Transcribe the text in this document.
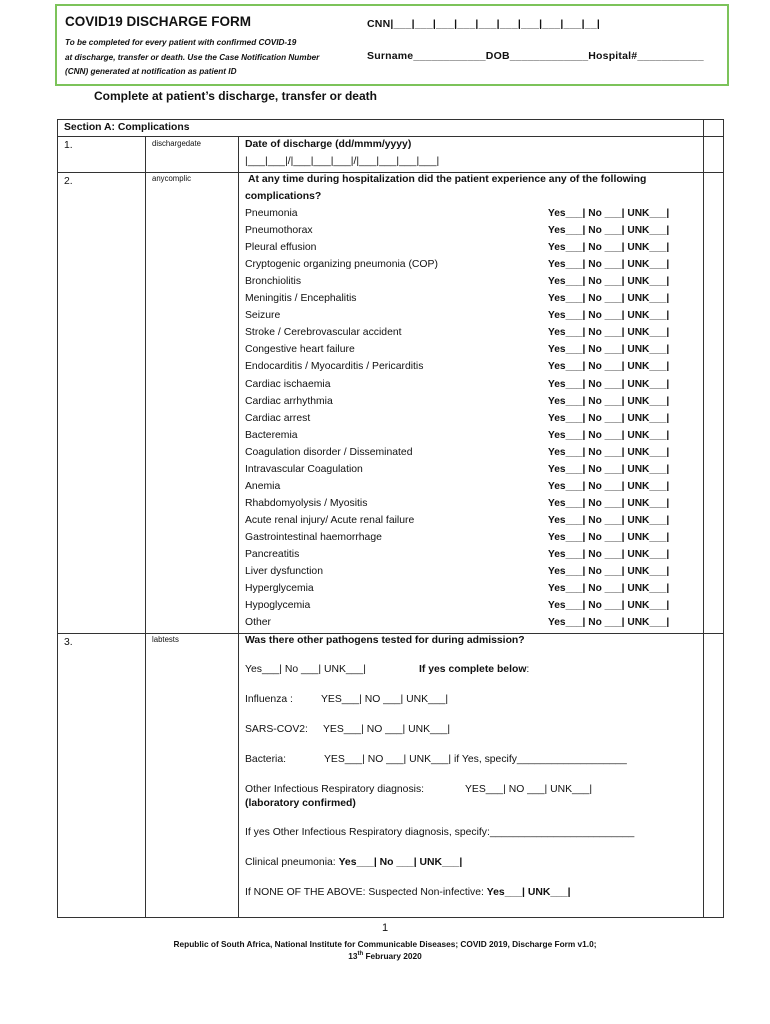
COVID19 DISCHARGE FORM
To be completed for every patient with confirmed COVID-19
at discharge, transfer or death. Use the Case Notification Number
(CNN) generated at notification as patient ID
CNN|___|___|___|___|___|___|___|___|___|__|
Surname____________DOB_____________Hospital#___________
Complete at patient’s discharge, transfer or death
Section A: Complications
1.	dischargedate	Date of discharge (dd/mmm/yyyy)
|___|___|/|___|___|___|/|___|___|___|___|
2.	anycomplic	At any time during hospitalization did the patient experience any of the following
complications?
Pneumonia	Yes___| No ___| UNK___|
Pneumothorax	Yes___| No ___| UNK___|
Pleural effusion	Yes___| No ___| UNK___|
Cryptogenic organizing pneumonia (COP)	Yes___| No ___| UNK___|
Bronchiolitis	Yes___| No ___| UNK___|
Meningitis / Encephalitis	Yes___| No ___| UNK___|
Seizure	Yes___| No ___| UNK___|
Stroke / Cerebrovascular accident	Yes___| No ___| UNK___|
Congestive heart failure	Yes___| No ___| UNK___|
Endocarditis / Myocarditis / Pericarditis	Yes___| No ___| UNK___|
Cardiac ischaemia	Yes___| No ___| UNK___|
Cardiac arrhythmia	Yes___| No ___| UNK___|
Cardiac arrest	Yes___| No ___| UNK___|
Bacteremia	Yes___| No ___| UNK___|
Coagulation disorder / Disseminated	Yes___| No ___| UNK___|
Intravascular Coagulation	Yes___| No ___| UNK___|
Anemia	Yes___| No ___| UNK___|
Rhabdomyolysis / Myositis	Yes___| No ___| UNK___|
Acute renal injury/ Acute renal failure	Yes___| No ___| UNK___|
Gastrointestinal haemorrhage	Yes___| No ___| UNK___|
Pancreatitis	Yes___| No ___| UNK___|
Liver dysfunction	Yes___| No ___| UNK___|
Hyperglycemia	Yes___| No ___| UNK___|
Hypoglycemia	Yes___| No ___| UNK___|
Other	Yes___| No ___| UNK___|
3.	labtests	Was there other pathogens tested for during admission?
Yes___| No ___| UNK___|	If yes complete below:
Influenza :	YES___| NO ___| UNK___|
SARS-COV2: YES___| NO ___| UNK___|
Bacteria:	YES___| NO ___| UNK___| if Yes, specify___________________
Other Infectious Respiratory diagnosis:	YES___| NO ___| UNK___|
(laboratory confirmed)
If yes Other Infectious Respiratory diagnosis, specify:_________________________
Clinical pneumonia: Yes___| No ___| UNK___|
If NONE OF THE ABOVE: Suspected Non-infective: Yes___| UNK___|
1
Republic of South Africa, National Institute for Communicable Diseases; COVID 2019, Discharge Form v1.0;
13th February 2020
